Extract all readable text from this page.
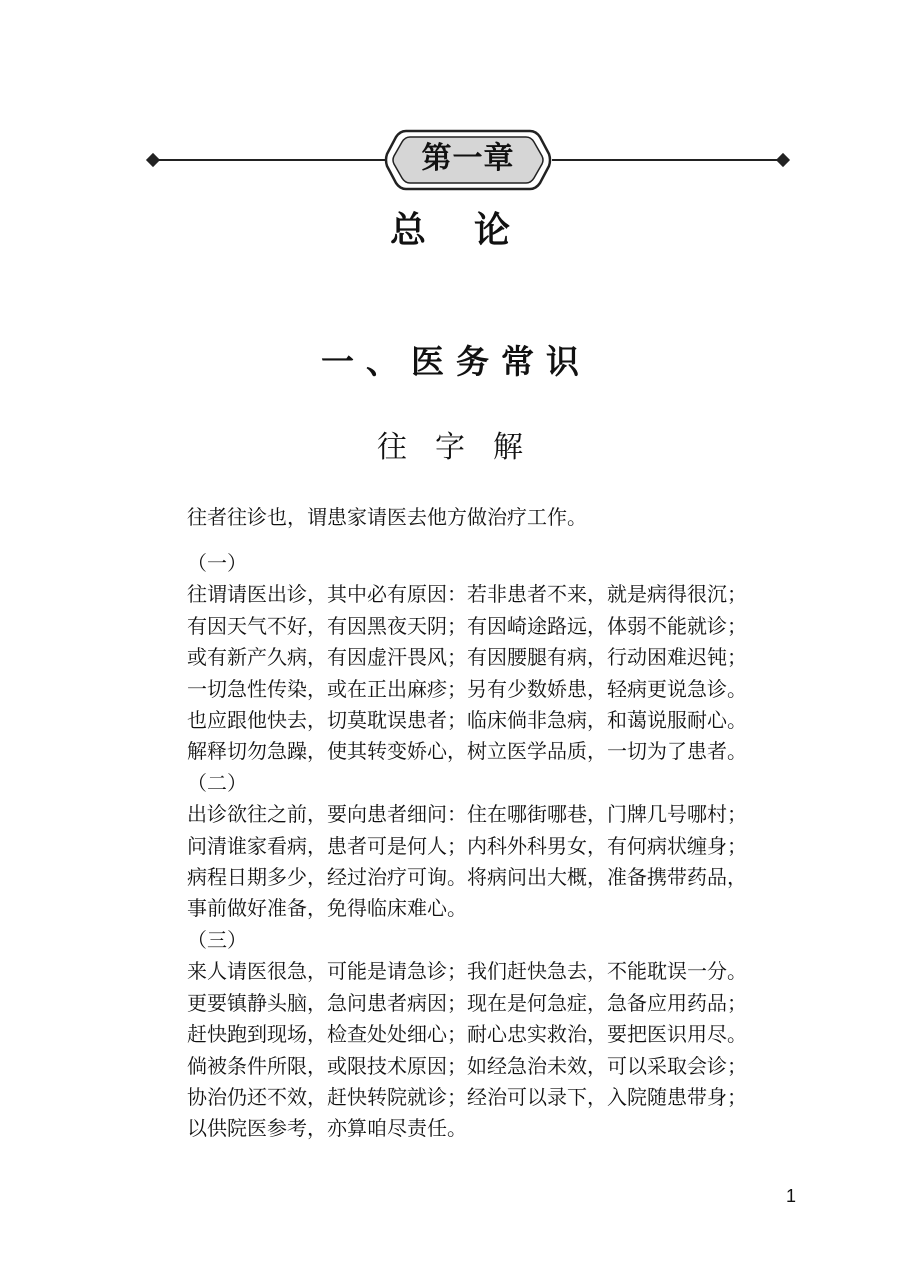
第一章
总论
一、医务常识
往字解

往者往诊也，谓患家请医去他方做治疗工作。

（一）

往谓请医出诊，其中必有原因：若非患者不来，就是病得很沉；

有因天气不好，有因黑夜天阴；有因崎途路远，体弱不能就诊；

或有新产久病，有因虚汗畏风；有因腰腿有病，行动困难迟钝；

一切急性传染，或在正出麻疹；另有少数娇患，轻病更说急诊。

也应跟他快去，切莫耽误患者；临床倘非急病，和蔼说服耐心。

解释切勿急躁，使其转变娇心，树立医学品质，一切为了患者。

（二）

出诊欲往之前，要向患者细问：住在哪街哪巷，门牌几号哪村；

问清谁家看病，患者可是何人；内科外科男女，有何病状缠身；

病程日期多少，经过治疗可询。将病问出大概，准备携带药品，

事前做好准备，免得临床难心。

（三）

来人请医很急，可能是请急诊；我们赶快急去，不能耽误一分。

更要镇静头脑，急问患者病因；现在是何急症，急备应用药品；

赶快跑到现场，检查处处细心；耐心忠实救治，要把医识用尽。

倘被条件所限，或限技术原因；如经急治未效，可以采取会诊；

协治仍还不效，赶快转院就诊；经治可以录下，入院随患带身；

以供院医参考，亦算咱尽责任。

1
